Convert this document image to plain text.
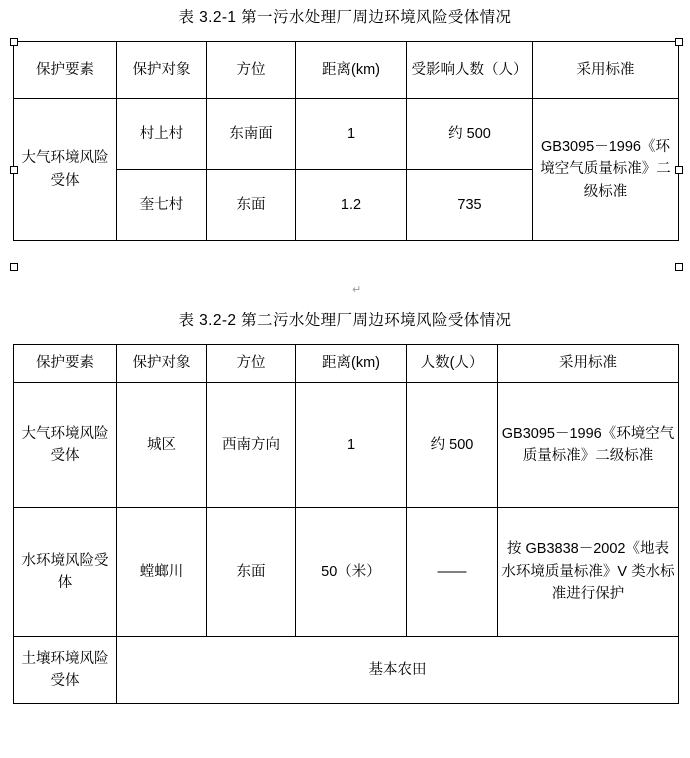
表 3.2-1 第一污水处理厂周边环境风险受体情况
保护要素	保护对象	方位	距离(km)	受影响人数（人）	采用标准
大气环境风险受体	村上村	东南面	1	约 500	GB3095－1996《环境空气质量标准》二级标准
	奎七村	东面	1.2	735	
↵
表 3.2-2 第二污水处理厂周边环境风险受体情况
保护要素	保护对象	方位	距离(km)	人数(人）	采用标准
大气环境风险受体	城区	西南方向	1	约 500	GB3095－1996《环境空气质量标准》二级标准
水环境风险受体	螳螂川	东面	50（米）	——	按 GB3838－2002《地表水环境质量标准》V 类水标准进行保护
土壤环境风险受体	基本农田				
